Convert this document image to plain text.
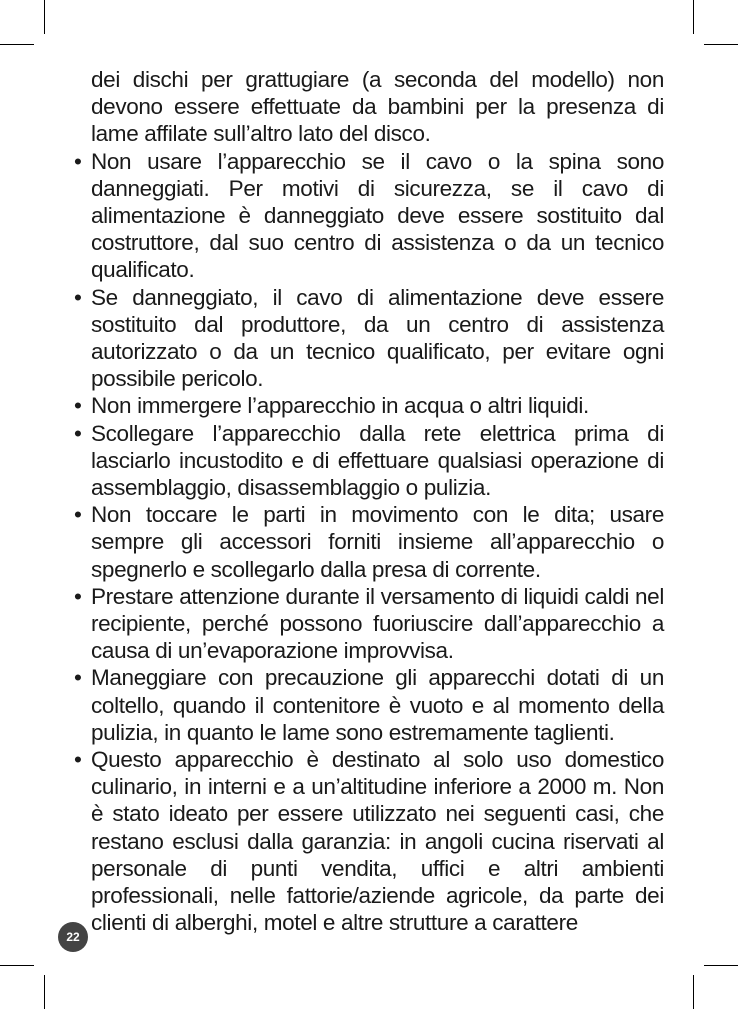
dei dischi per grattugiare (a seconda del modello) non devono essere effettuate da bambini per la presenza di lame affilate sull’altro lato del disco.

• Non usare l’apparecchio se il cavo o la spina sono danneggiati. Per motivi di sicurezza, se il cavo di alimentazione è danneggiato deve essere sostituito dal costruttore, dal suo centro di assistenza o da un tecnico qualificato.

• Se danneggiato, il cavo di alimentazione deve essere sostituito dal produttore, da un centro di assistenza autorizzato o da un tecnico qualificato, per evitare ogni possibile pericolo.

• Non immergere l’apparecchio in acqua o altri liquidi.

• Scollegare l’apparecchio dalla rete elettrica prima di lasciarlo incustodito e di effettuare qualsiasi operazione di assemblaggio, disassemblaggio o pulizia.

• Non toccare le parti in movimento con le dita; usare sempre gli accessori forniti insieme all’apparecchio o spegnerlo e scollegarlo dalla presa di corrente.

• Prestare attenzione durante il versamento di liquidi caldi nel recipiente, perché possono fuoriuscire dall’apparecchio a causa di un’evaporazione improvvisa.

• Maneggiare con precauzione gli apparecchi dotati di un coltello, quando il contenitore è vuoto e al momento della pulizia, in quanto le lame sono estremamente taglienti.

• Questo apparecchio è destinato al solo uso domestico culinario, in interni e a un’altitudine inferiore a 2000 m. Non è stato ideato per essere utilizzato nei seguenti casi, che restano esclusi dalla garanzia: in angoli cucina riservati al personale di punti vendita, uffici e altri ambienti professionali, nelle fattorie/aziende agricole, da parte dei clienti di alberghi, motel e altre strutture a carattere

22
